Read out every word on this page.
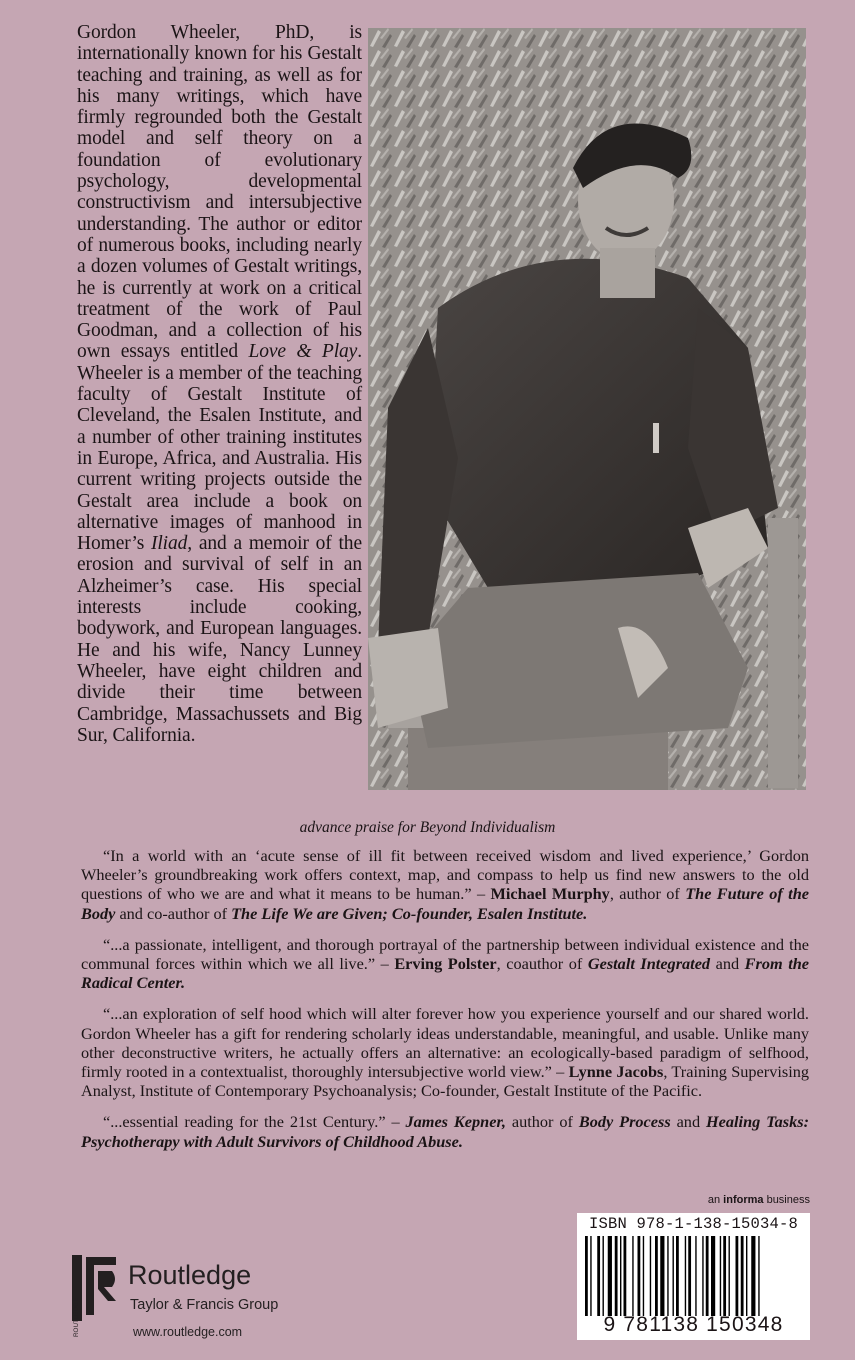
Gordon Wheeler, PhD, is internationally known for his Gestalt teaching and training, as well as for his many writings, which have firmly regrounded both the Gestalt model and self theory on a foundation of evolutionary psychology, developmental constructivism and intersubjective understanding. The author or editor of numerous books, including nearly a dozen volumes of Gestalt writings, he is currently at work on a critical treatment of the work of Paul Goodman, and a collection of his own essays entitled Love & Play. Wheeler is a member of the teaching faculty of Gestalt Institute of Cleveland, the Esalen Institute, and a number of other training institutes in Europe, Africa, and Australia. His current writing projects outside the Gestalt area include a book on alternative images of manhood in Homer’s Iliad, and a memoir of the erosion and survival of self in an Alzheimer’s case. His special interests include cooking, bodywork, and European languages. He and his wife, Nancy Lunney Wheeler, have eight children and divide their time between Cambridge, Massachussets and Big Sur, California.
advance praise for Beyond Individualism

“In a world with an ‘acute sense of ill fit between received wisdom and lived experience,’ Gordon Wheeler’s groundbreaking work offers context, map, and compass to help us find new answers to the old questions of who we are and what it means to be human.” – Michael Murphy, author of The Future of the Body and co-author of The Life We are Given; Co-founder, Esalen Institute.

“...a passionate, intelligent, and thorough portrayal of the partnership between individual existence and the communal forces within which we all live.” – Erving Polster, coauthor of Gestalt Integrated and From the Radical Center.

“...an exploration of self hood which will alter forever how you experience yourself and our shared world. Gordon Wheeler has a gift for rendering scholarly ideas understandable, meaningful, and usable. Unlike many other deconstructive writers, he actually offers an alternative: an ecologically-based paradigm of selfhood, firmly rooted in a contextualist, thoroughly intersubjective world view.” – Lynne Jacobs, Training Supervising Analyst, Institute of Contemporary Psychoanalysis; Co-founder, Gestalt Institute of the Pacific.

“...essential reading for the 21st Century.” – James Kepner, author of Body Process and Healing Tasks: Psychotherapy with Adult Survivors of Childhood Abuse.

an informa business
ISBN 978-1-138-15034-8
9 781138 150348
ROUTLEDGE
Routledge
Taylor & Francis Group
www.routledge.com
